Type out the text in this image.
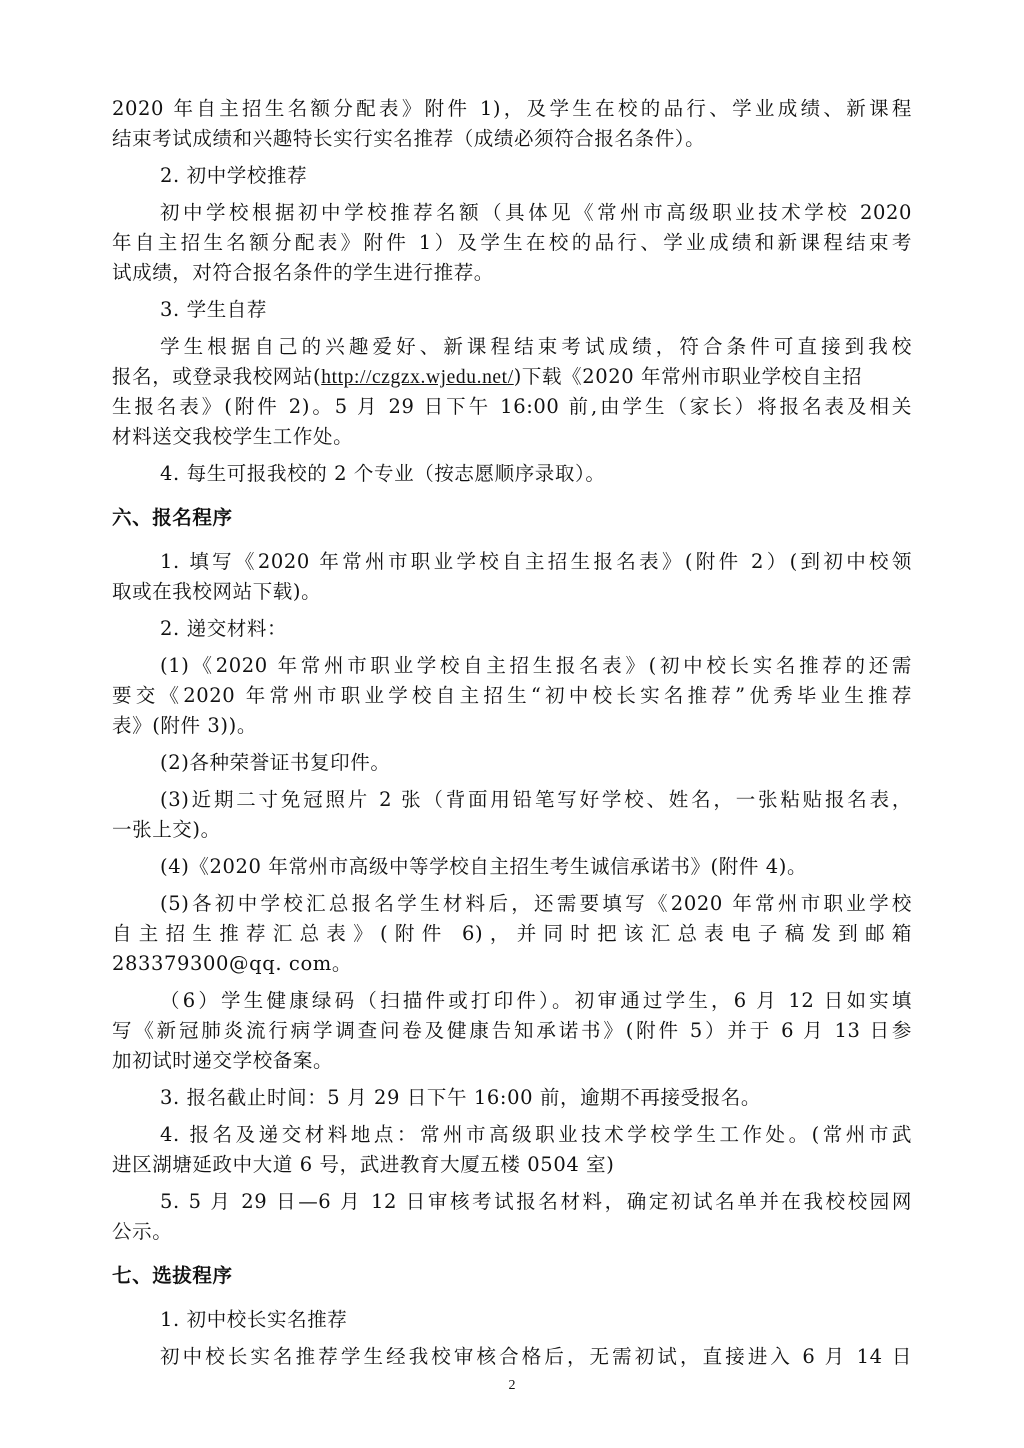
2020 年自主招生名额分配表》附件 1)，及学生在校的品行、学业成绩、新课程

结束考试成绩和兴趣特长实行实名推荐（成绩必须符合报名条件）。

2. 初中学校推荐

初中学校根据初中学校推荐名额（具体见《常州市高级职业技术学校 2020

年自主招生名额分配表》附件 1）及学生在校的品行、学业成绩和新课程结束考

试成绩，对符合报名条件的学生进行推荐。

3. 学生自荐

学生根据自己的兴趣爱好、新课程结束考试成绩，符合条件可直接到我校

报名，或登录我校网站(http://czgzx.wjedu.net/)下载《2020 年常州市职业学校自主招

生报名表》(附件 2)。5 月 29 日下午 16:00 前,由学生（家长）将报名表及相关

材料送交我校学生工作处。

4. 每生可报我校的 2 个专业（按志愿顺序录取）。

六、报名程序

1. 填写《2020 年常州市职业学校自主招生报名表》(附件 2）(到初中校领

取或在我校网站下载)。

2. 递交材料：

(1)《2020 年常州市职业学校自主招生报名表》(初中校长实名推荐的还需

要交《2020 年常州市职业学校自主招生“初中校长实名推荐”优秀毕业生推荐

表》(附件 3))。

(2)各种荣誉证书复印件。

(3)近期二寸免冠照片 2 张（背面用铅笔写好学校、姓名，一张粘贴报名表，

一张上交)。

(4)《2020 年常州市高级中等学校自主招生考生诚信承诺书》(附件 4)。

(5)各初中学校汇总报名学生材料后，还需要填写《2020 年常州市职业学校

自主招生推荐汇总表》(附件 6)，并同时把该汇总表电子稿发到邮箱

283379300@qq. com。

（6）学生健康绿码（扫描件或打印件）。初审通过学生，6 月 12 日如实填

写《新冠肺炎流行病学调查问卷及健康告知承诺书》(附件 5）并于 6 月 13 日参

加初试时递交学校备案。

3. 报名截止时间：5 月 29 日下午 16:00 前，逾期不再接受报名。

4. 报名及递交材料地点：常州市高级职业技术学校学生工作处。(常州市武

进区湖塘延政中大道 6 号，武进教育大厦五楼 0504 室)

5. 5 月 29 日—6 月 12 日审核考试报名材料，确定初试名单并在我校校园网

公示。

七、选拔程序

1. 初中校长实名推荐

初中校长实名推荐学生经我校审核合格后，无需初试，直接进入 6 月 14 日

2
